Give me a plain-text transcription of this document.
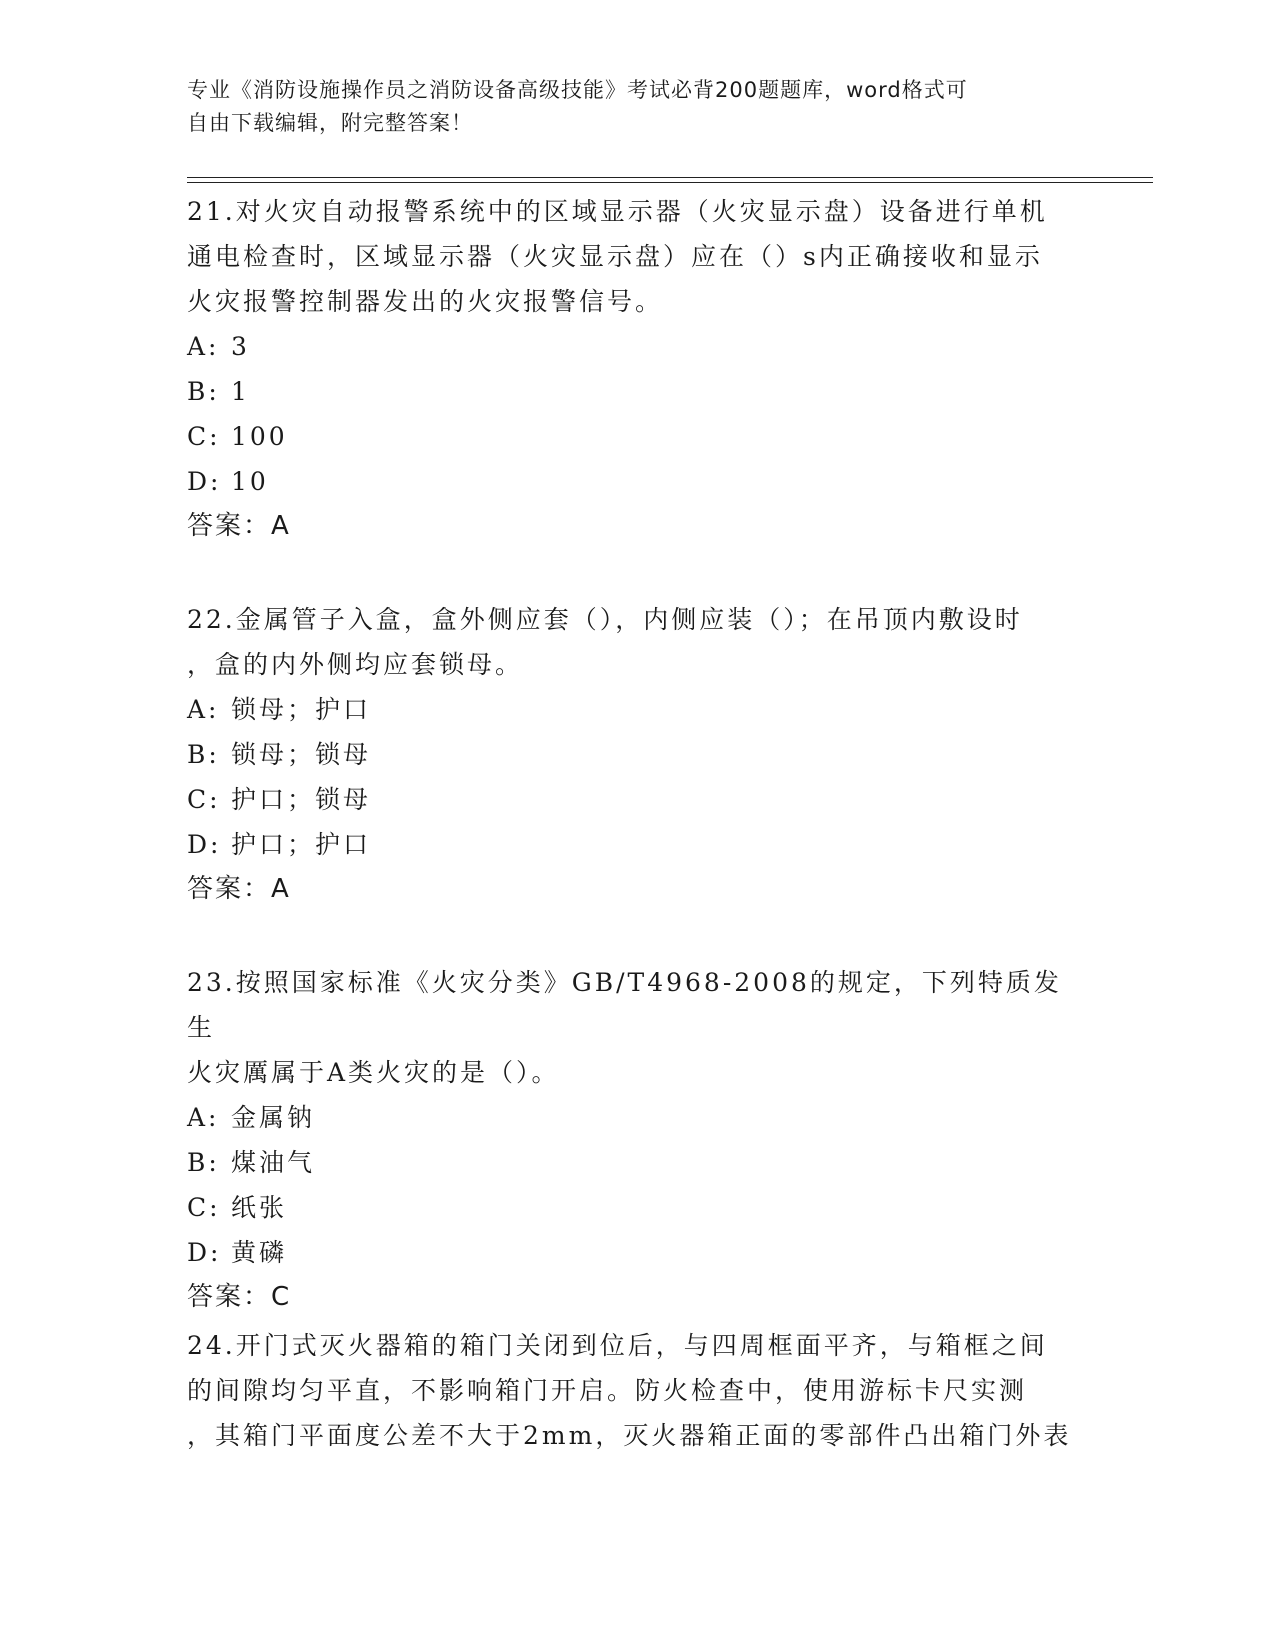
专业《消防设施操作员之消防设备高级技能》考试必背200题题库，word格式可
自由下载编辑，附完整答案！

21.对火灾自动报警系统中的区域显示器（火灾显示盘）设备进行单机
通电检查时，区域显示器（火灾显示盘）应在（）s内正确接收和显示
火灾报警控制器发出的火灾报警信号。

A: 3
B: 1
C: 100
D: 10

答案：A

22.金属管子入盒，盒外侧应套（），内侧应装（）；在吊顶内敷设时
，盒的内外侧均应套锁母。

A: 锁母；护口
B: 锁母；锁母
C: 护口；锁母
D: 护口；护口

答案：A

23.按照国家标准《火灾分类》GB/T4968-2008的规定，下列特质发生
火灾厲属于A类火灾的是（）。

A: 金属钠
B: 煤油气
C: 纸张
D: 黄磷

答案：C

24.开门式灭火器箱的箱门关闭到位后，与四周框面平齐，与箱框之间
的间隙均匀平直，不影响箱门开启。防火检查中，使用游标卡尺实测
，其箱门平面度公差不大于2mm，灭火器箱正面的零部件凸出箱门外表
